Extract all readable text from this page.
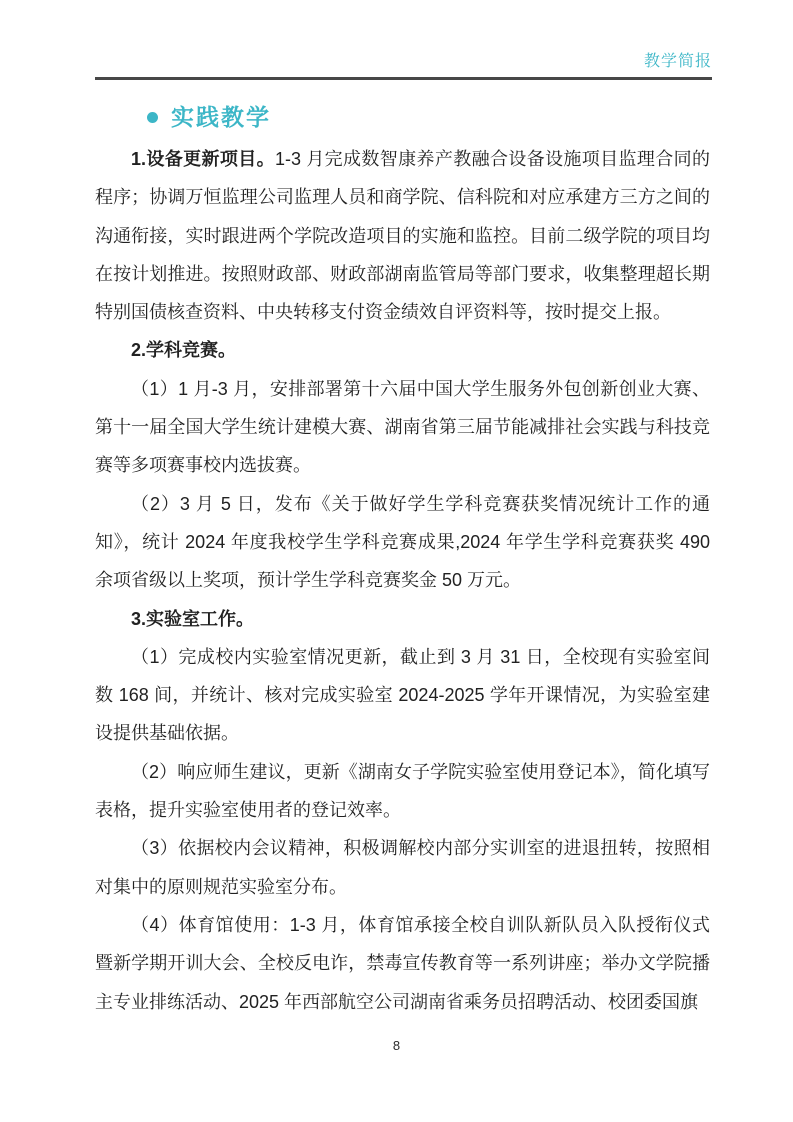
教学简报
实践教学

1.设备更新项目。1-3 月完成数智康养产教融合设备设施项目监理合同的程序；协调万恒监理公司监理人员和商学院、信科院和对应承建方三方之间的沟通衔接，实时跟进两个学院改造项目的实施和监控。目前二级学院的项目均在按计划推进。按照财政部、财政部湖南监管局等部门要求，收集整理超长期特别国债核查资料、中央转移支付资金绩效自评资料等，按时提交上报。

2.学科竞赛。

（1）1 月-3 月，安排部署第十六届中国大学生服务外包创新创业大赛、第十一届全国大学生统计建模大赛、湖南省第三届节能减排社会实践与科技竞赛等多项赛事校内选拔赛。

（2）3 月 5 日，发布《关于做好学生学科竞赛获奖情况统计工作的通知》，统计 2024 年度我校学生学科竞赛成果,2024 年学生学科竞赛获奖 490 余项省级以上奖项，预计学生学科竞赛奖金 50 万元。

3.实验室工作。

（1）完成校内实验室情况更新，截止到 3 月 31 日，全校现有实验室间数 168 间，并统计、核对完成实验室 2024-2025 学年开课情况，为实验室建设提供基础依据。

（2）响应师生建议，更新《湖南女子学院实验室使用登记本》，简化填写表格，提升实验室使用者的登记效率。

（3）依据校内会议精神，积极调解校内部分实训室的进退扭转，按照相对集中的原则规范实验室分布。

（4）体育馆使用：1-3 月，体育馆承接全校自训队新队员入队授衔仪式暨新学期开训大会、全校反电诈，禁毒宣传教育等一系列讲座；举办文学院播主专业排练活动、2025 年西部航空公司湖南省乘务员招聘活动、校团委国旗

8
